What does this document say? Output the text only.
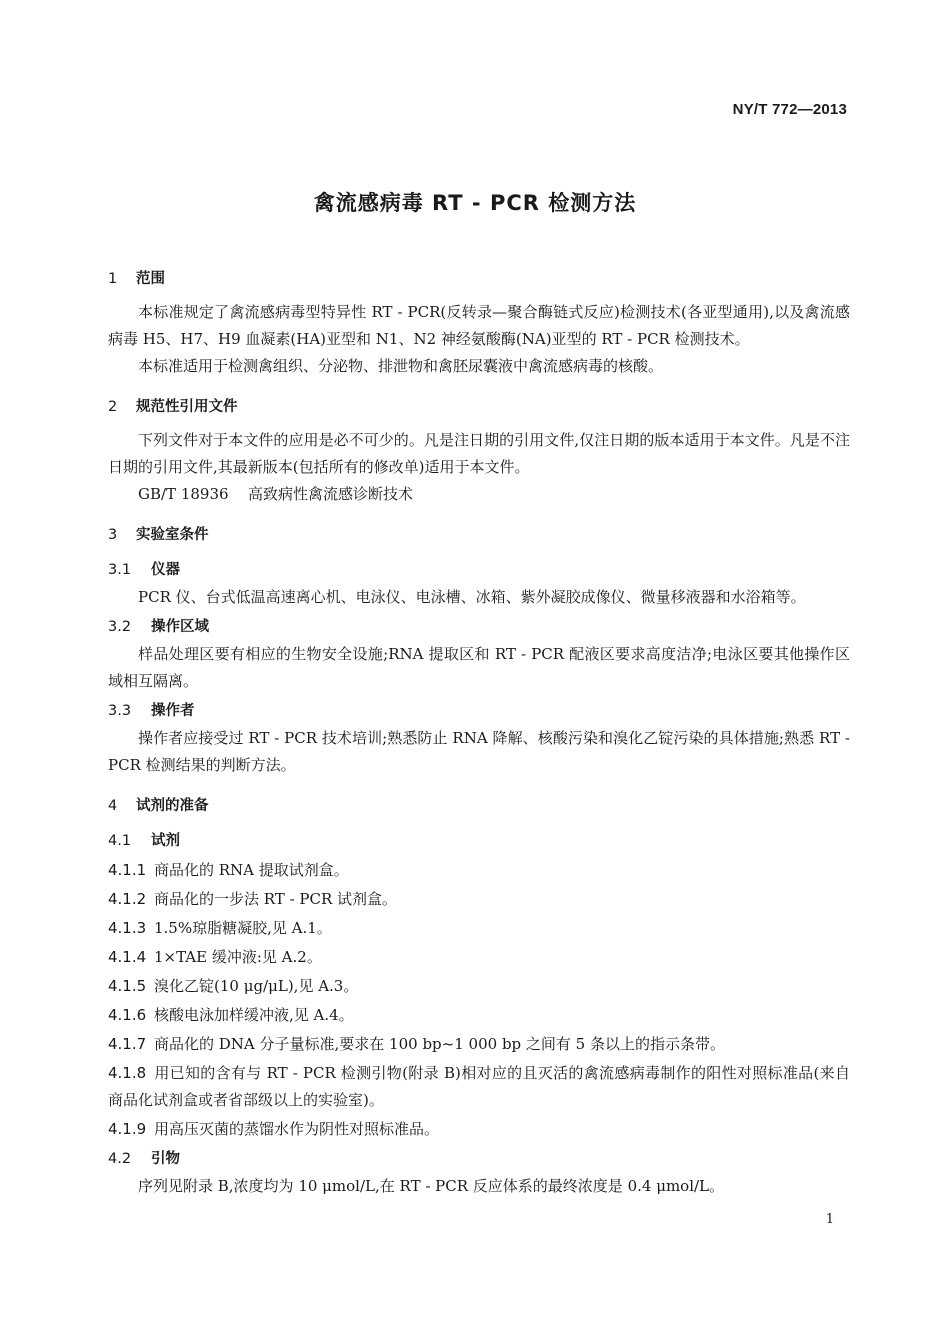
NY/T 772—2013
禽流感病毒 RT - PCR 检测方法
1 范围

本标准规定了禽流感病毒型特异性 RT - PCR(反转录—聚合酶链式反应)检测技术(各亚型通用),以及禽流感病毒 H5、H7、H9 血凝素(HA)亚型和 N1、N2 神经氨酸酶(NA)亚型的 RT - PCR 检测技术。

本标准适用于检测禽组织、分泌物、排泄物和禽胚尿囊液中禽流感病毒的核酸。

2 规范性引用文件

下列文件对于本文件的应用是必不可少的。凡是注日期的引用文件,仅注日期的版本适用于本文件。凡是不注日期的引用文件,其最新版本(包括所有的修改单)适用于本文件。

GB/T 18936 高致病性禽流感诊断技术

3 实验室条件
3.1 仪器

PCR 仪、台式低温高速离心机、电泳仪、电泳槽、冰箱、紫外凝胶成像仪、微量移液器和水浴箱等。

3.2 操作区域

样品处理区要有相应的生物安全设施;RNA 提取区和 RT - PCR 配液区要求高度洁净;电泳区要其他操作区域相互隔离。

3.3 操作者

操作者应接受过 RT - PCR 技术培训;熟悉防止 RNA 降解、核酸污染和溴化乙锭污染的具体措施;熟悉 RT - PCR 检测结果的判断方法。

4 试剂的准备
4.1 试剂
4.1.1 商品化的 RNA 提取试剂盒。
4.1.2 商品化的一步法 RT - PCR 试剂盒。
4.1.3 1.5%琼脂糖凝胶,见 A.1。
4.1.4 1×TAE 缓冲液:见 A.2。
4.1.5 溴化乙锭(10 μg/μL),见 A.3。
4.1.6 核酸电泳加样缓冲液,见 A.4。
4.1.7 商品化的 DNA 分子量标准,要求在 100 bp~1 000 bp 之间有 5 条以上的指示条带。
4.1.8 用已知的含有与 RT - PCR 检测引物(附录 B)相对应的且灭活的禽流感病毒制作的阳性对照标准品(来自商品化试剂盒或者省部级以上的实验室)。
4.1.9 用高压灭菌的蒸馏水作为阴性对照标准品。
4.2 引物

序列见附录 B,浓度均为 10 μmol/L,在 RT - PCR 反应体系的最终浓度是 0.4 μmol/L。

1
